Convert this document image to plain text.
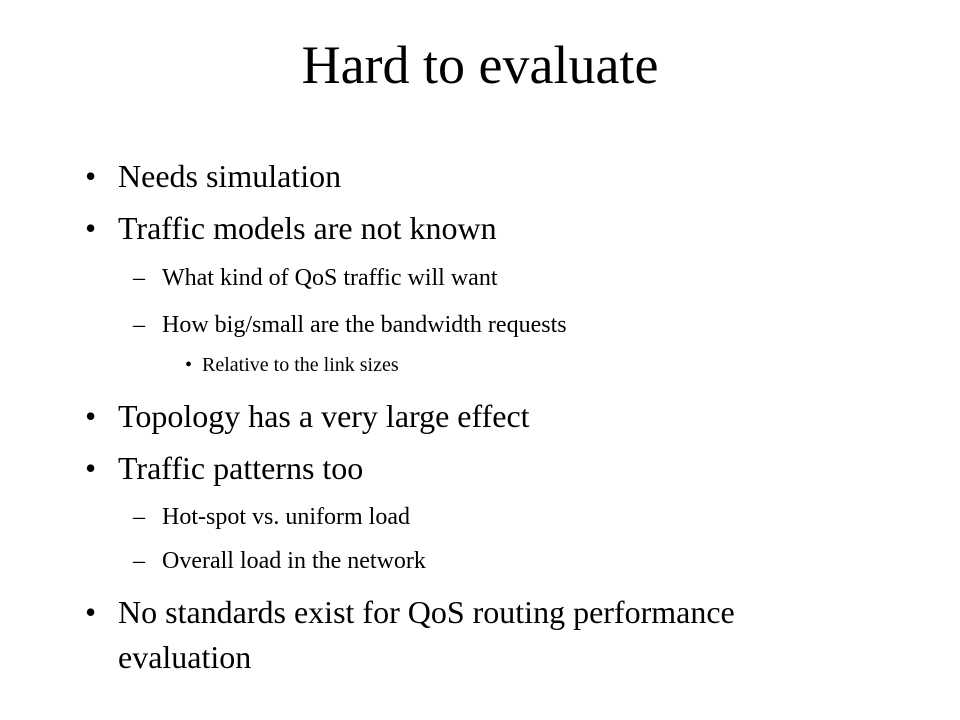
Hard to evaluate
• Needs simulation
• Traffic models are not known
– What kind of QoS traffic will want
– How big/small are the bandwidth requests
• Relative to the link sizes
• Topology has a very large effect
• Traffic patterns too
– Hot-spot vs. uniform load
– Overall load in the network
• No standards exist for QoS routing performance
evaluation
